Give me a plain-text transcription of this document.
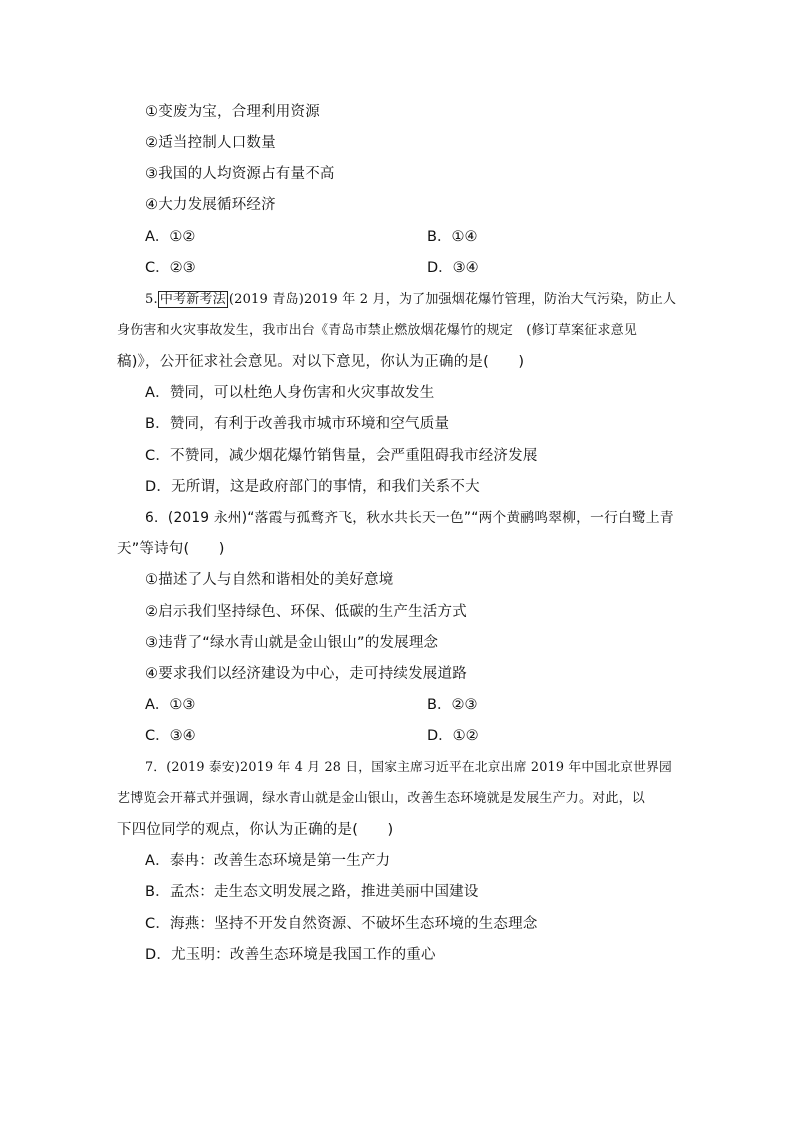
①变废为宝，合理利用资源
②适当控制人口数量
③我国的人均资源占有量不高
④大力发展循环经济
A．①②	B．①④
C．②③	D．③④
5. 中考新考法 (2019 青岛)2019 年 2 月，为了加强烟花爆竹管理，防治大气污染，防止人
身伤害和火灾事故发生，我市出台《青岛市禁止燃放烟花爆竹的规定　(修订草案征求意见
稿)》，公开征求社会意见。对以下意见，你认为正确的是(　　)
A．赞同，可以杜绝人身伤害和火灾事故发生
B．赞同，有利于改善我市城市环境和空气质量
C．不赞同，减少烟花爆竹销售量，会严重阻碍我市经济发展
D．无所谓，这是政府部门的事情，和我们关系不大
6．(2019 永州)“落霞与孤鹜齐飞，秋水共长天一色”“两个黄鹂鸣翠柳，一行白鹭上青
天”等诗句(　　)
①描述了人与自然和谐相处的美好意境
②启示我们坚持绿色、环保、低碳的生产生活方式
③违背了“绿水青山就是金山银山”的发展理念
④要求我们以经济建设为中心，走可持续发展道路
A．①③	B．②③
C．③④	D．①②
7．(2019 泰安)2019 年 4 月 28 日，国家主席习近平在北京出席 2019 年中国北京世界园
艺博览会开幕式并强调，绿水青山就是金山银山，改善生态环境就是发展生产力。对此，以
下四位同学的观点，你认为正确的是(　　)
A．泰冉：改善生态环境是第一生产力
B．孟杰：走生态文明发展之路，推进美丽中国建设
C．海燕：坚持不开发自然资源、不破坏生态环境的生态理念
D．尤玉明：改善生态环境是我国工作的重心
